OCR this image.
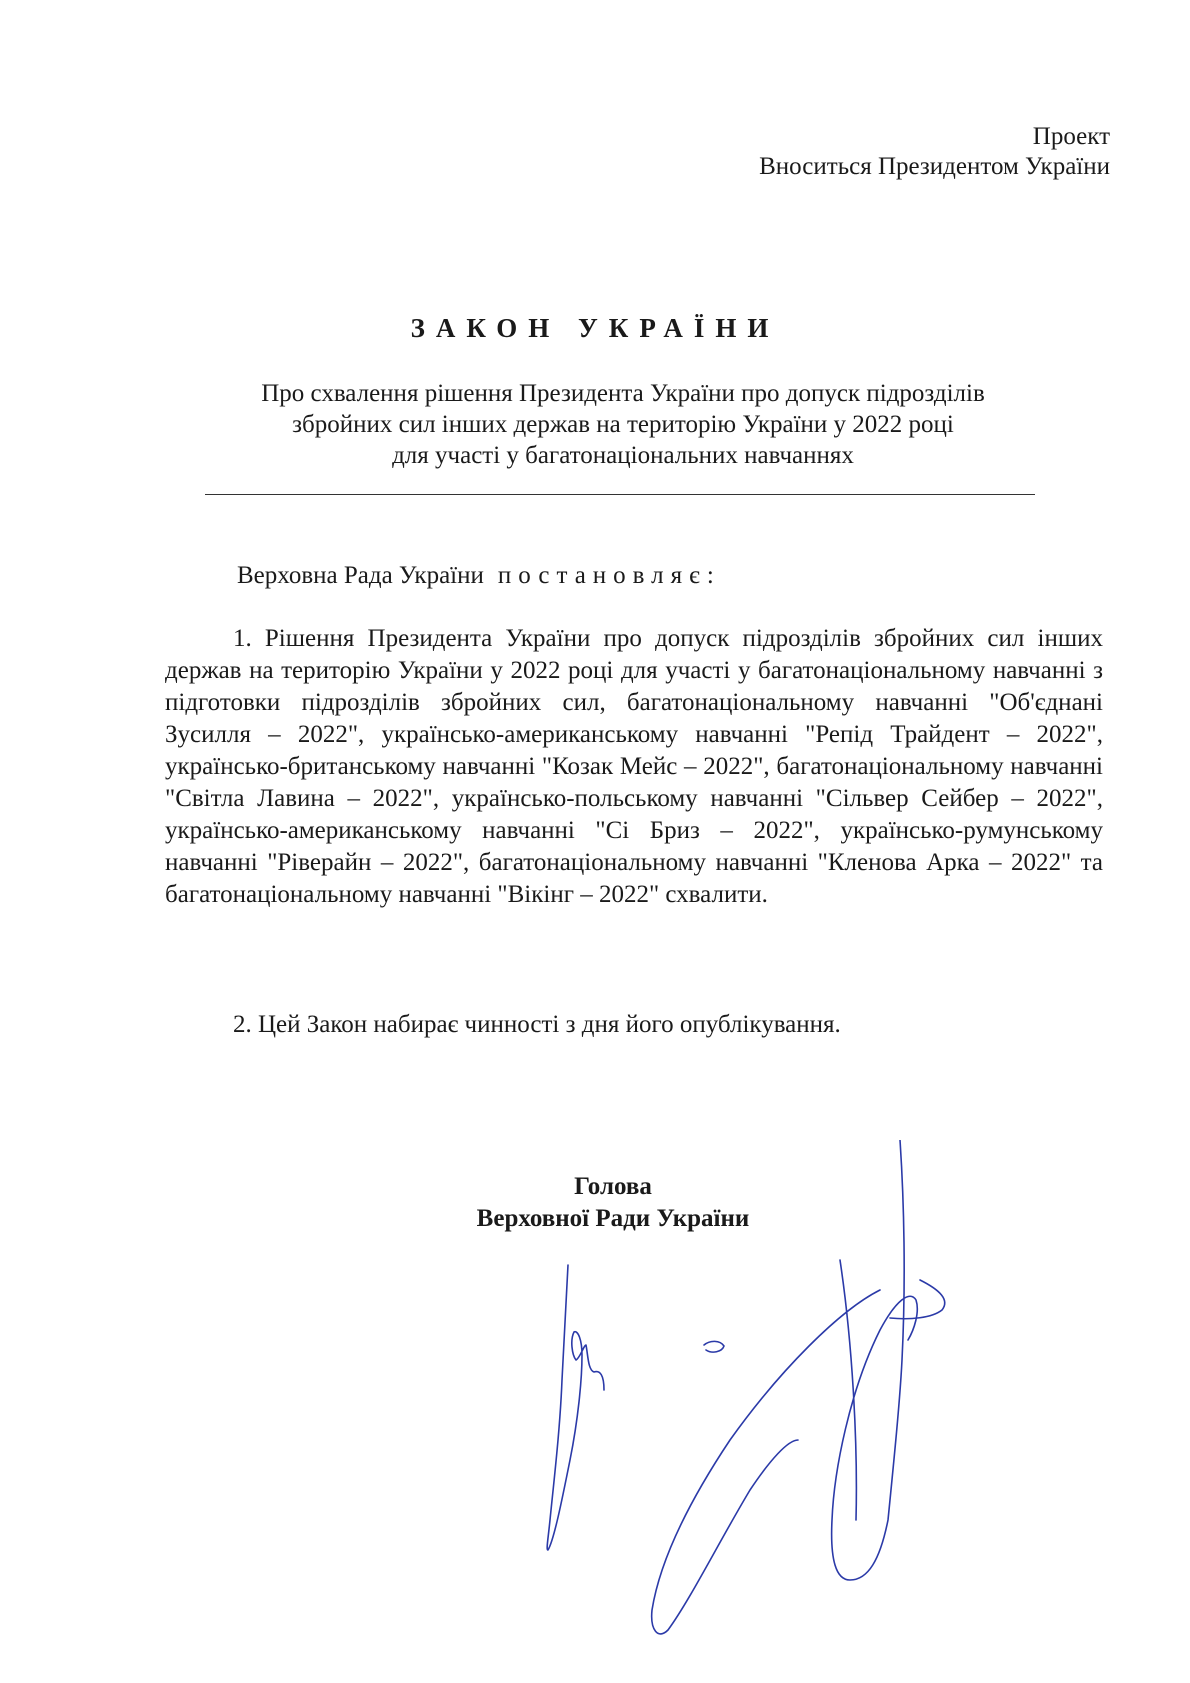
Проект
Вноситься Президентом України
ЗАКОН УКРАЇНИ
Про схвалення рішення Президента України про допуск підрозділів
збройних сил інших держав на територію України у 2022 році
для участі у багатонаціональних навчаннях
Верховна Рада України постановляє:
1. Рішення Президента України про допуск підрозділів збройних сил інших держав на територію України у 2022 році для участі у багатонаціональному навчанні з підготовки підрозділів збройних сил, багатонаціональному навчанні "Об'єднані Зусилля – 2022", українсько-американському навчанні "Репід Трайдент – 2022", українсько-британському навчанні "Козак Мейс – 2022", багатонаціональному навчанні "Світла Лавина – 2022", українсько-польському навчанні "Сільвер Сейбер – 2022", українсько-американському навчанні "Сі Бриз – 2022", українсько-румунському навчанні "Ріверайн – 2022", багатонаціональному навчанні "Кленова Арка – 2022" та багатонаціональному навчанні "Вікінг – 2022" схвалити.
2. Цей Закон набирає чинності з дня його опублікування.
Голова
Верховної Ради України
